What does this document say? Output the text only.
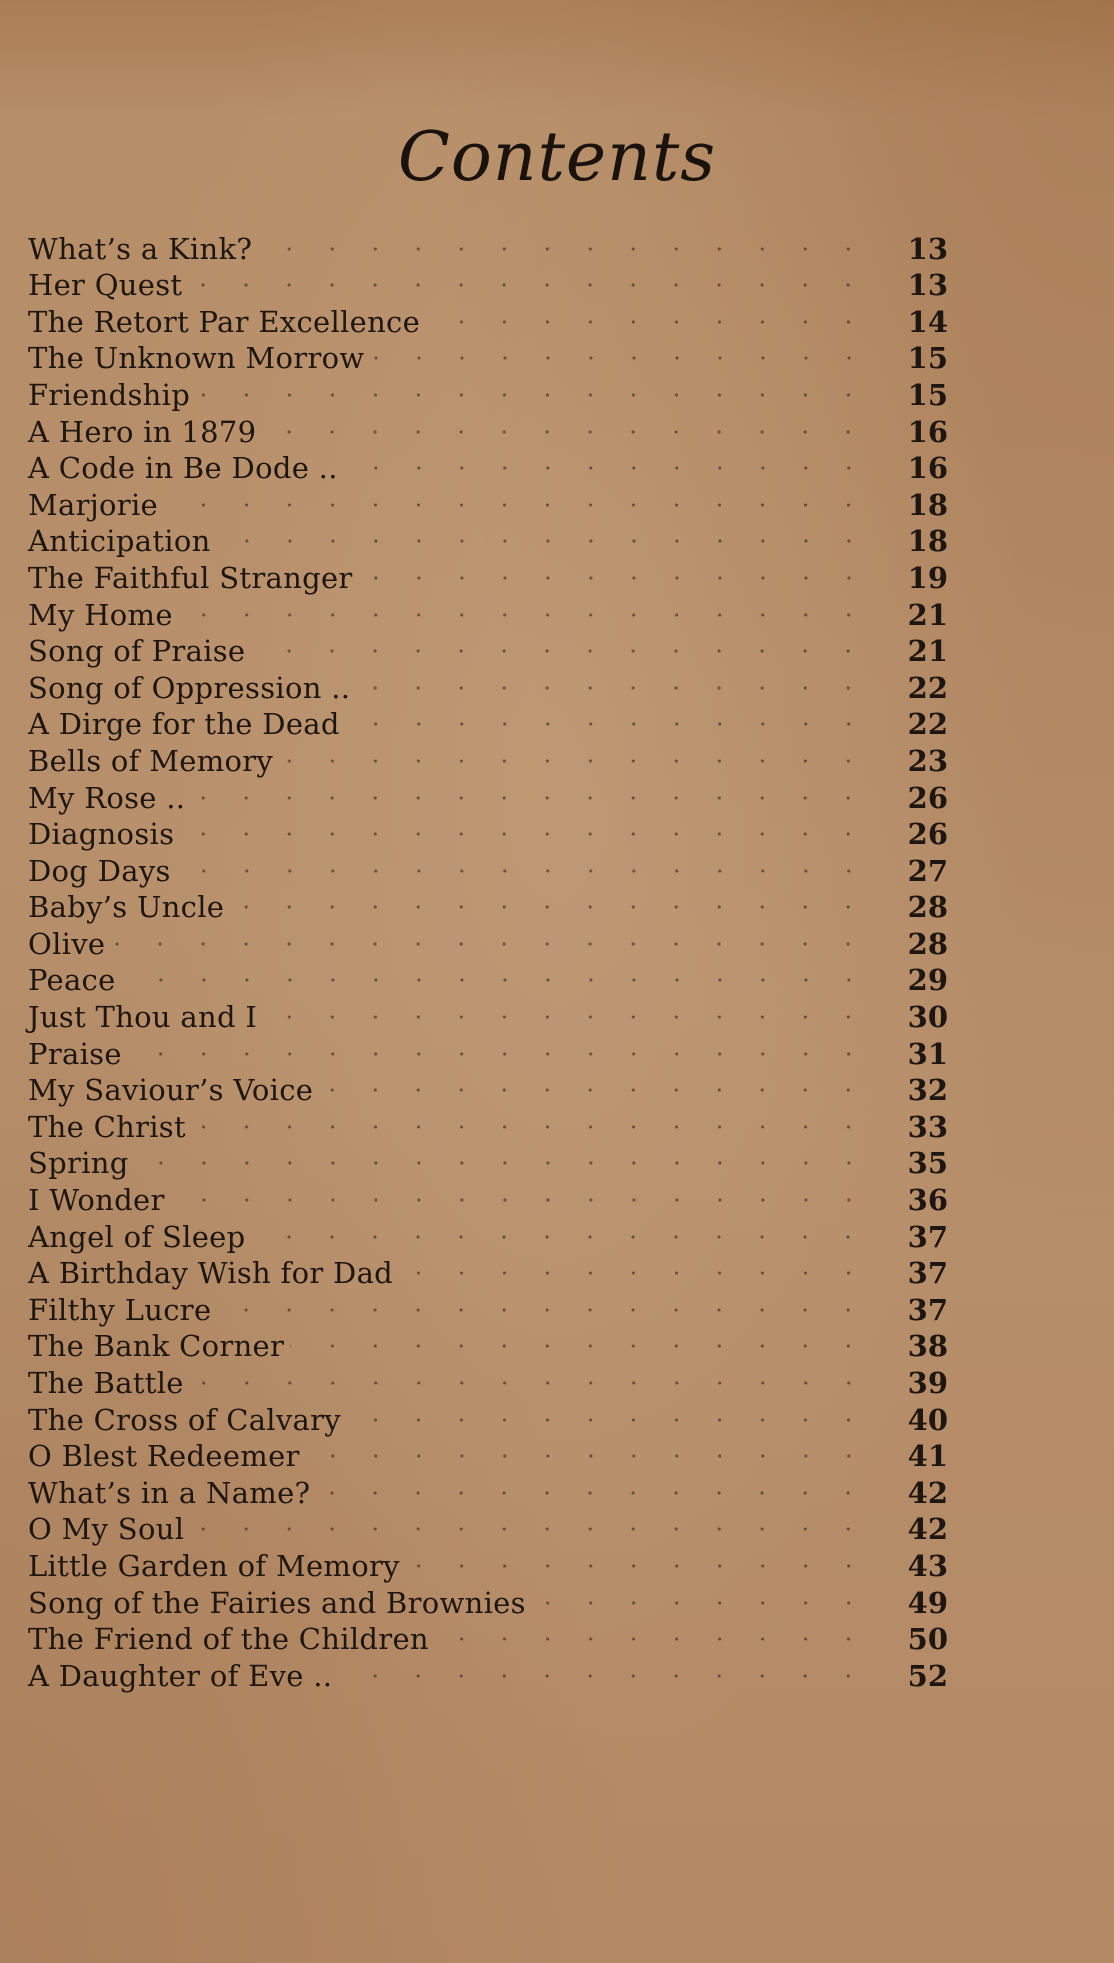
Contents
What’s a Kink?	13
Her Quest	13
The Retort Par Excellence	14
The Unknown Morrow	15
Friendship	15
A Hero in 1879	16
A Code in Be Dode ..	16
Marjorie	18
Anticipation	18
The Faithful Stranger	19
My Home	21
Song of Praise	21
Song of Oppression ..	22
A Dirge for the Dead	22
Bells of Memory	23
My Rose ..	26
Diagnosis	26
Dog Days	27
Baby’s Uncle	28
Olive	28
Peace	29
Just Thou and I	30
Praise	31
My Saviour’s Voice	32
The Christ	33
Spring	35
I Wonder	36
Angel of Sleep	37
A Birthday Wish for Dad	37
Filthy Lucre	37
The Bank Corner	38
The Battle	39
The Cross of Calvary	40
O Blest Redeemer	41
What’s in a Name?	42
O My Soul	42
Little Garden of Memory	43
Song of the Fairies and Brownies	49
The Friend of the Children	50
A Daughter of Eve ..	52
